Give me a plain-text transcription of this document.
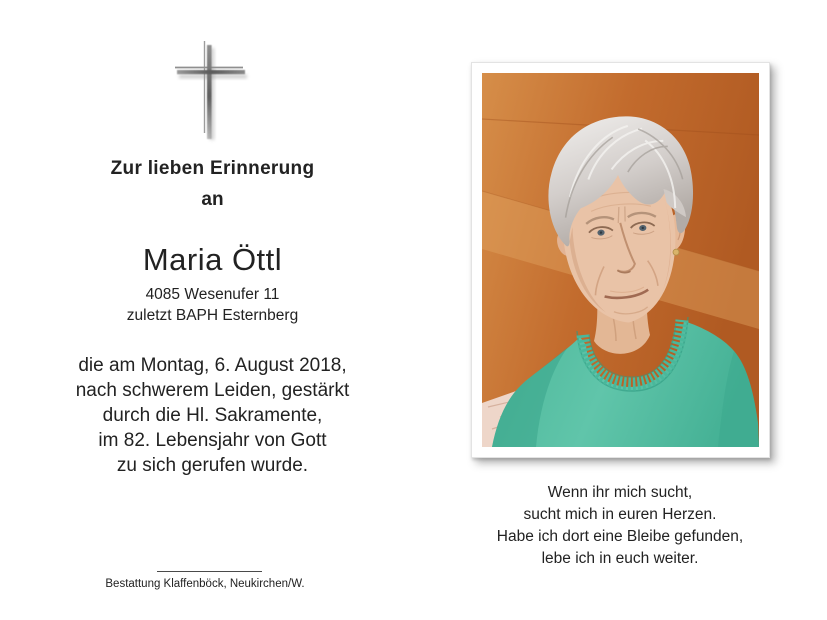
Zur lieben Erinnerung
an
Maria Öttl
4085 Wesenufer 11
zuletzt BAPH Esternberg
die am Montag, 6. August 2018,
nach schwerem Leiden, gestärkt
durch die Hl. Sakramente,
im 82. Lebensjahr von Gott
zu sich gerufen wurde.
Bestattung Klaffenböck, Neukirchen/W.
Wenn ihr mich sucht,
sucht mich in euren Herzen.
Habe ich dort eine Bleibe gefunden,
lebe ich in euch weiter.
